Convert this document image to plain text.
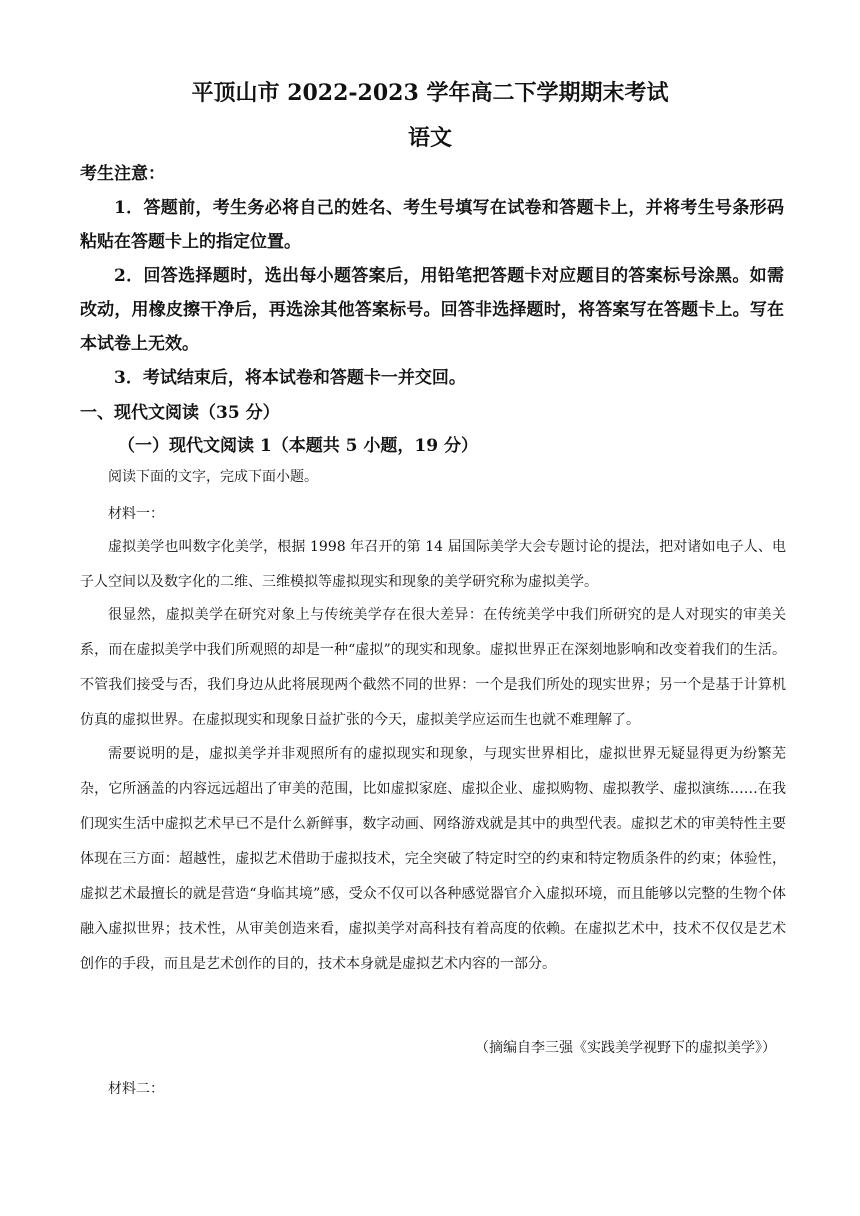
平顶山市 2022-2023 学年高二下学期期末考试
语文
考生注意：

1．答题前，考生务必将自己的姓名、考生号填写在试卷和答题卡上，并将考生号条形码粘贴在答题卡上的指定位置。

2．回答选择题时，选出每小题答案后，用铅笔把答题卡对应题目的答案标号涂黑。如需改动，用橡皮擦干净后，再选涂其他答案标号。回答非选择题时，将答案写在答题卡上。写在本试卷上无效。

3．考试结束后，将本试卷和答题卡一并交回。

一、现代文阅读（35 分）
（一）现代文阅读 1（本题共 5 小题，19 分）

阅读下面的文字，完成下面小题。

材料一：

虚拟美学也叫数字化美学，根据 1998 年召开的第 14 届国际美学大会专题讨论的提法，把对诸如电子人、电子人空间以及数字化的二维、三维模拟等虚拟现实和现象的美学研究称为虚拟美学。

很显然，虚拟美学在研究对象上与传统美学存在很大差异：在传统美学中我们所研究的是人对现实的审美关系，而在虚拟美学中我们所观照的却是一种“虚拟”的现实和现象。虚拟世界正在深刻地影响和改变着我们的生活。不管我们接受与否，我们身边从此将展现两个截然不同的世界：一个是我们所处的现实世界；另一个是基于计算机仿真的虚拟世界。在虚拟现实和现象日益扩张的今天，虚拟美学应运而生也就不难理解了。

需要说明的是，虚拟美学并非观照所有的虚拟现实和现象，与现实世界相比，虚拟世界无疑显得更为纷繁芜杂，它所涵盖的内容远远超出了审美的范围，比如虚拟家庭、虚拟企业、虚拟购物、虚拟教学、虚拟演练……在我们现实生活中虚拟艺术早已不是什么新鲜事，数字动画、网络游戏就是其中的典型代表。虚拟艺术的审美特性主要体现在三方面：超越性，虚拟艺术借助于虚拟技术，完全突破了特定时空的约束和特定物质条件的约束；体验性，虚拟艺术最擅长的就是营造“身临其境”感，受众不仅可以各种感觉器官介入虚拟环境，而且能够以完整的生物个体融入虚拟世界；技术性，从审美创造来看，虚拟美学对高科技有着高度的依赖。在虚拟艺术中，技术不仅仅是艺术创作的手段，而且是艺术创作的目的，技术本身就是虚拟艺术内容的一部分。

（摘编自李三强《实践美学视野下的虚拟美学》）

材料二：
